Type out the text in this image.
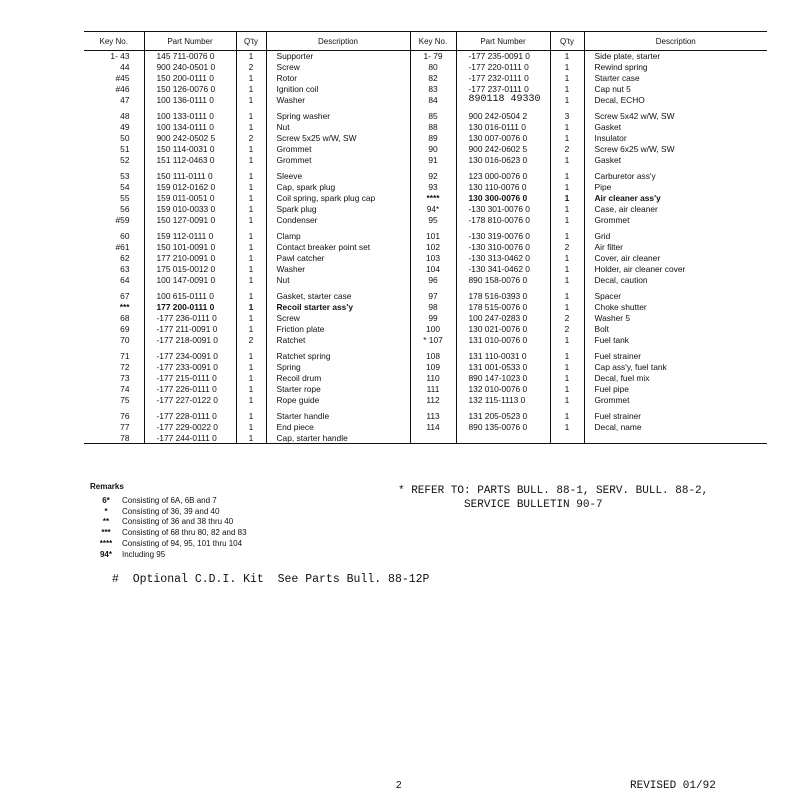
Key No.	Part Number	Q'ty	Description	Key No.	Part Number	Q'ty	Description
1- 43	145 711-0076 0	1	Supporter	1- 79	-177 235-0091 0	1	Side plate, starter
44	900 240-0501 0	2	Screw	80	-177 220-0111 0	1	Rewind spring
#45	150 200-0111 0	1	Rotor	82	-177 232-0111 0	1	Starter case
#46	150 126-0076 0	1	Ignition coil	83	-177 237-0111 0	1	Cap nut 5
47	100 136-0111 0	1	Washer	84	890118 49330	1	Decal, ECHO

48	100 133-0111 0	1	Spring washer	85	900 242-0504 2	3	Screw 5x42 w/W, SW
49	100 134-0111 0	1	Nut	88	130 016-0111 0	1	Gasket
50	900 242-0502 5	2	Screw 5x25 w/W, SW	89	130 007-0076 0	1	Insulator
51	150 114-0031 0	1	Grommet	90	900 242-0602 5	2	Screw 6x25 w/W, SW
52	151 112-0463 0	1	Grommet	91	130 016-0623 0	1	Gasket

53	150 111-0111 0	1	Sleeve	92	123 000-0076 0	1	Carburetor ass'y
54	159 012-0162 0	1	Cap, spark plug	93	130 110-0076 0	1	Pipe
55	159 011-0051 0	1	Coil spring, spark plug cap	****	130 300-0076 0	1	Air cleaner ass'y
56	159 010-0033 0	1	Spark plug	94*	-130 301-0076 0	1	Case, air cleaner
#59	150 127-0091 0	1	Condenser	95	-178 810-0076 0	1	Grommet

60	159 112-0111 0	1	Clamp	101	-130 319-0076 0	1	Grid
#61	150 101-0091 0	1	Contact breaker point set	102	-130 310-0076 0	2	Air filter
62	177 210-0091 0	1	Pawl catcher	103	-130 313-0462 0	1	Cover, air cleaner
63	175 015-0012 0	1	Washer	104	-130 341-0462 0	1	Holder, air cleaner cover
64	100 147-0091 0	1	Nut	96	890 158-0076 0	1	Decal, caution

67	100 615-0111 0	1	Gasket, starter case	97	178 516-0393 0	1	Spacer
***	177 200-0111 0	1	Recoil starter ass'y	98	178 515-0076 0	1	Choke shutter
68	-177 236-0111 0	1	Screw	99	100 247-0283 0	2	Washer 5
69	-177 211-0091 0	1	Friction plate	100	130 021-0076 0	2	Bolt
70	-177 218-0091 0	2	Ratchet	* 107	131 010-0076 0	1	Fuel tank

71	-177 234-0091 0	1	Ratchet spring	108	131 110-0031 0	1	Fuel strainer
72	-177 233-0091 0	1	Spring	109	131 001-0533 0	1	Cap ass'y, fuel tank
73	-177 215-0111 0	1	Recoil drum	110	890 147-1023 0	1	Decal, fuel mix
74	-177 226-0111 0	1	Starter rope	111	132 010-0076 0	1	Fuel pipe
75	-177 227-0122 0	1	Rope guide	112	132 115-1113 0	1	Grommet

76	-177 228-0111 0	1	Starter handle	113	131 205-0523 0	1	Fuel strainer
77	-177 229-0022 0	1	End piece	114	890 135-0076 0	1	Decal, name
78	-177 244-0111 0	1	Cap, starter handle				
Remarks
6*	Consisting of 6A, 6B and 7
*	Consisting of 36, 39 and 40
**	Consisting of 36 and 38 thru 40
***	Consisting of 68 thru 80, 82 and 83
****	Consisting of 94, 95, 101 thru 104
94*	Including 95
* REFER TO: PARTS BULL. 88-1, SERV. BULL. 88-2,
SERVICE BULLETIN 90-7
#  Optional C.D.I. Kit  See Parts Bull. 88-12P
2	REVISED 01/92
